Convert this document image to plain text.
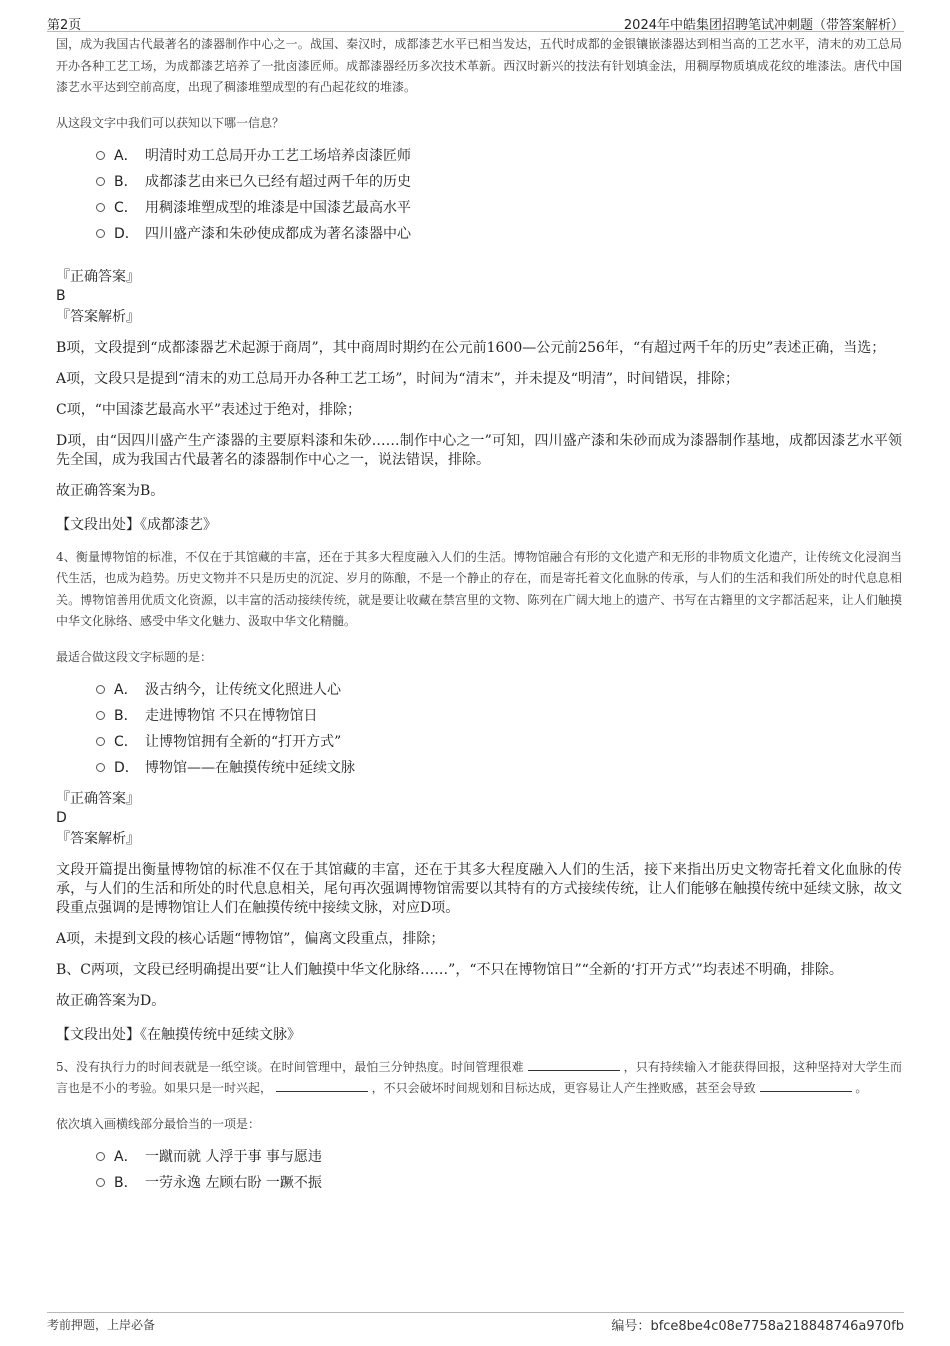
第2页	2024年中皓集团招聘笔试冲刺题（带答案解析）

国，成为我国古代最著名的漆器制作中心之一。战国、秦汉时，成都漆艺水平已相当发达，五代时成都的金银镶嵌漆器达到相当高的工艺水平，清末的劝工总局开办各种工艺工场，为成都漆艺培养了一批卤漆匠师。成都漆器经历多次技术革新。西汉时新兴的技法有针划填金法，用稠厚物质填成花纹的堆漆法。唐代中国漆艺水平达到空前高度，出现了稠漆堆塑成型的有凸起花纹的堆漆。

从这段文字中我们可以获知以下哪一信息？

A． 明清时劝工总局开办工艺工场培养卤漆匠师
B． 成都漆艺由来已久已经有超过两千年的历史
C． 用稠漆堆塑成型的堆漆是中国漆艺最高水平
D． 四川盛产漆和朱砂使成都成为著名漆器中心

『正确答案』

B

『答案解析』

B项，文段提到“成都漆器艺术起源于商周”，其中商周时期约在公元前1600—公元前256年，“有超过两千年的历史”表述正确，当选；

A项，文段只是提到“清末的劝工总局开办各种工艺工场”，时间为“清末”，并未提及“明清”，时间错误，排除；

C项，“中国漆艺最高水平”表述过于绝对，排除；

D项，由“因四川盛产生产漆器的主要原料漆和朱砂……制作中心之一”可知，四川盛产漆和朱砂而成为漆器制作基地，成都因漆艺水平领先全国，成为我国古代最著名的漆器制作中心之一，说法错误，排除。

故正确答案为B。

【文段出处】《成都漆艺》

4、衡量博物馆的标准，不仅在于其馆藏的丰富，还在于其多大程度融入人们的生活。博物馆融合有形的文化遗产和无形的非物质文化遗产，让传统文化浸润当代生活，也成为趋势。历史文物并不只是历史的沉淀、岁月的陈酿，不是一个静止的存在，而是寄托着文化血脉的传承，与人们的生活和我们所处的时代息息相关。博物馆善用优质文化资源，以丰富的活动接续传统，就是要让收藏在禁宫里的文物、陈列在广阔大地上的遗产、书写在古籍里的文字都活起来，让人们触摸中华文化脉络、感受中华文化魅力、汲取中华文化精髓。

最适合做这段文字标题的是：

A． 汲古纳今，让传统文化照进人心
B． 走进博物馆 不只在博物馆日
C． 让博物馆拥有全新的“打开方式”
D． 博物馆——在触摸传统中延续文脉

『正确答案』

D

『答案解析』

文段开篇提出衡量博物馆的标准不仅在于其馆藏的丰富，还在于其多大程度融入人们的生活，接下来指出历史文物寄托着文化血脉的传承，与人们的生活和所处的时代息息相关，尾句再次强调博物馆需要以其特有的方式接续传统，让人们能够在触摸传统中延续文脉，故文段重点强调的是博物馆让人们在触摸传统中接续文脉，对应D项。

A项，未提到文段的核心话题“博物馆”，偏离文段重点，排除；

B、C两项，文段已经明确提出要“让人们触摸中华文化脉络……”，“不只在博物馆日”“全新的‘打开方式’”均表述不明确，排除。

故正确答案为D。

【文段出处】《在触摸传统中延续文脉》

5、没有执行力的时间表就是一纸空谈。在时间管理中，最怕三分钟热度。时间管理很难	，只有持续输入才能获得回报，这种坚持对大学生而言也是不小的考验。如果只是一时兴起，	，不只会破坏时间规划和目标达成，更容易让人产生挫败感，甚至会导致	。

依次填入画横线部分最恰当的一项是：

A． 一蹴而就 人浮于事 事与愿违
B． 一劳永逸 左顾右盼 一蹶不振
考前押题，上岸必备	编号：bfce8be4c08e7758a218848746a970fb
